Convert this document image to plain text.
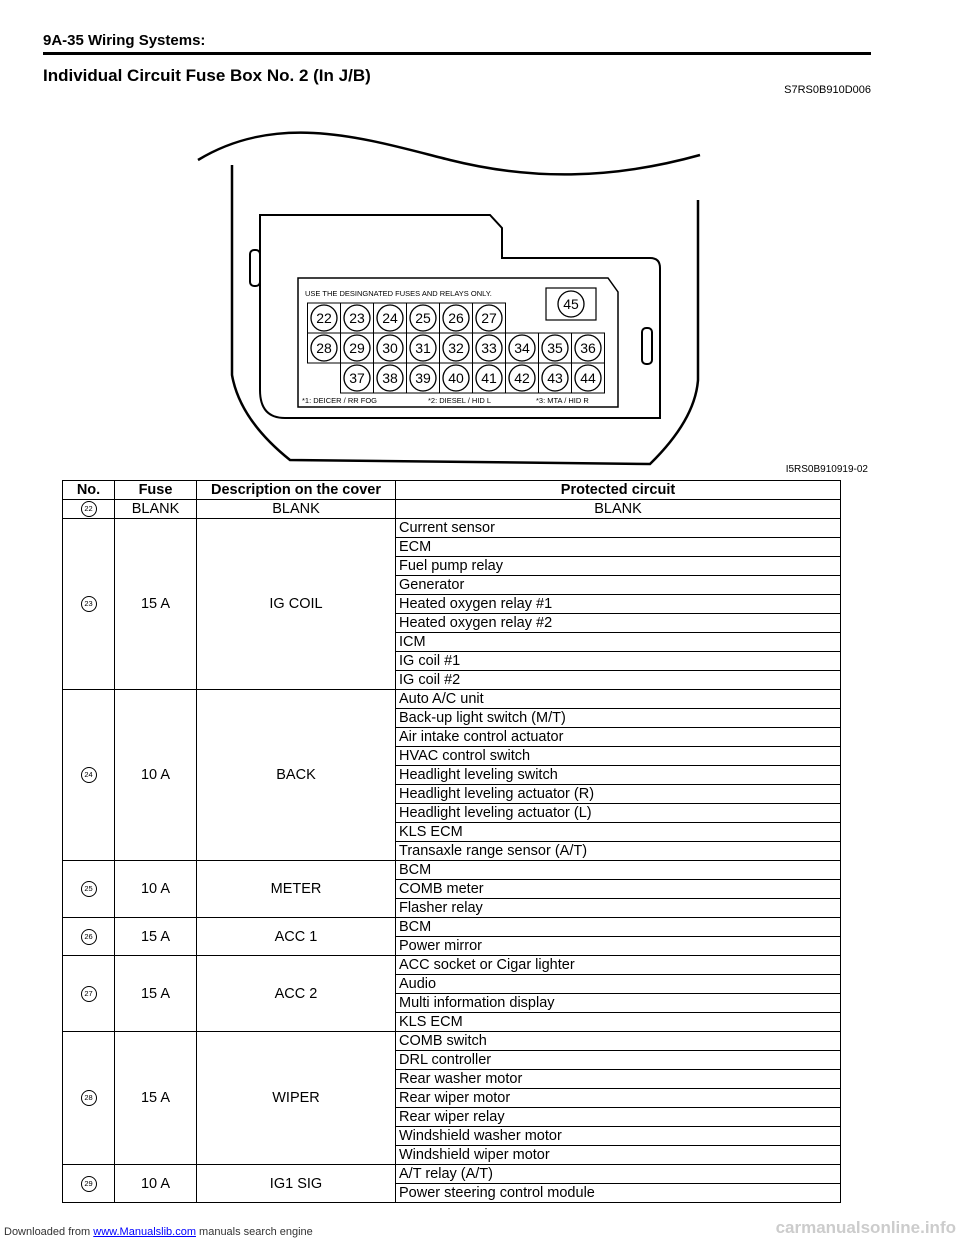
9A-35 Wiring Systems:
Individual Circuit Fuse Box No. 2 (In J/B)
S7RS0B910D006
USE THE DESINGNATED FUSES AND RELAYS ONLY.
22 23 24 25 26 27
28 29 30 31 32 33 34 35 36
37 38 39 40 41 42 43 44
45
*1: DEICER / RR FOG	*2: DIESEL / HID L	*3: MTA / HID R
I5RS0B910919-02
No.	Fuse	Description on the cover	Protected circuit
22	BLANK	BLANK	BLANK
23	15 A	IG COIL	Current sensor
			ECM
			Fuel pump relay
			Generator
			Heated oxygen relay #1
			Heated oxygen relay #2
			ICM
			IG coil #1
			IG coil #2
24	10 A	BACK	Auto A/C unit
			Back-up light switch (M/T)
			Air intake control actuator
			HVAC control switch
			Headlight leveling switch
			Headlight leveling actuator (R)
			Headlight leveling actuator (L)
			KLS ECM
			Transaxle range sensor (A/T)
25	10 A	METER	BCM
			COMB meter
			Flasher relay
26	15 A	ACC 1	BCM
			Power mirror
27	15 A	ACC 2	ACC socket or Cigar lighter
			Audio
			Multi information display
			KLS ECM
28	15 A	WIPER	COMB switch
			DRL controller
			Rear washer motor
			Rear wiper motor
			Rear wiper relay
			Windshield washer motor
			Windshield wiper motor
29	10 A	IG1 SIG	A/T relay (A/T)
			Power steering control module
Downloaded from www.Manualslib.com manuals search engine	carmanualsonline.info
